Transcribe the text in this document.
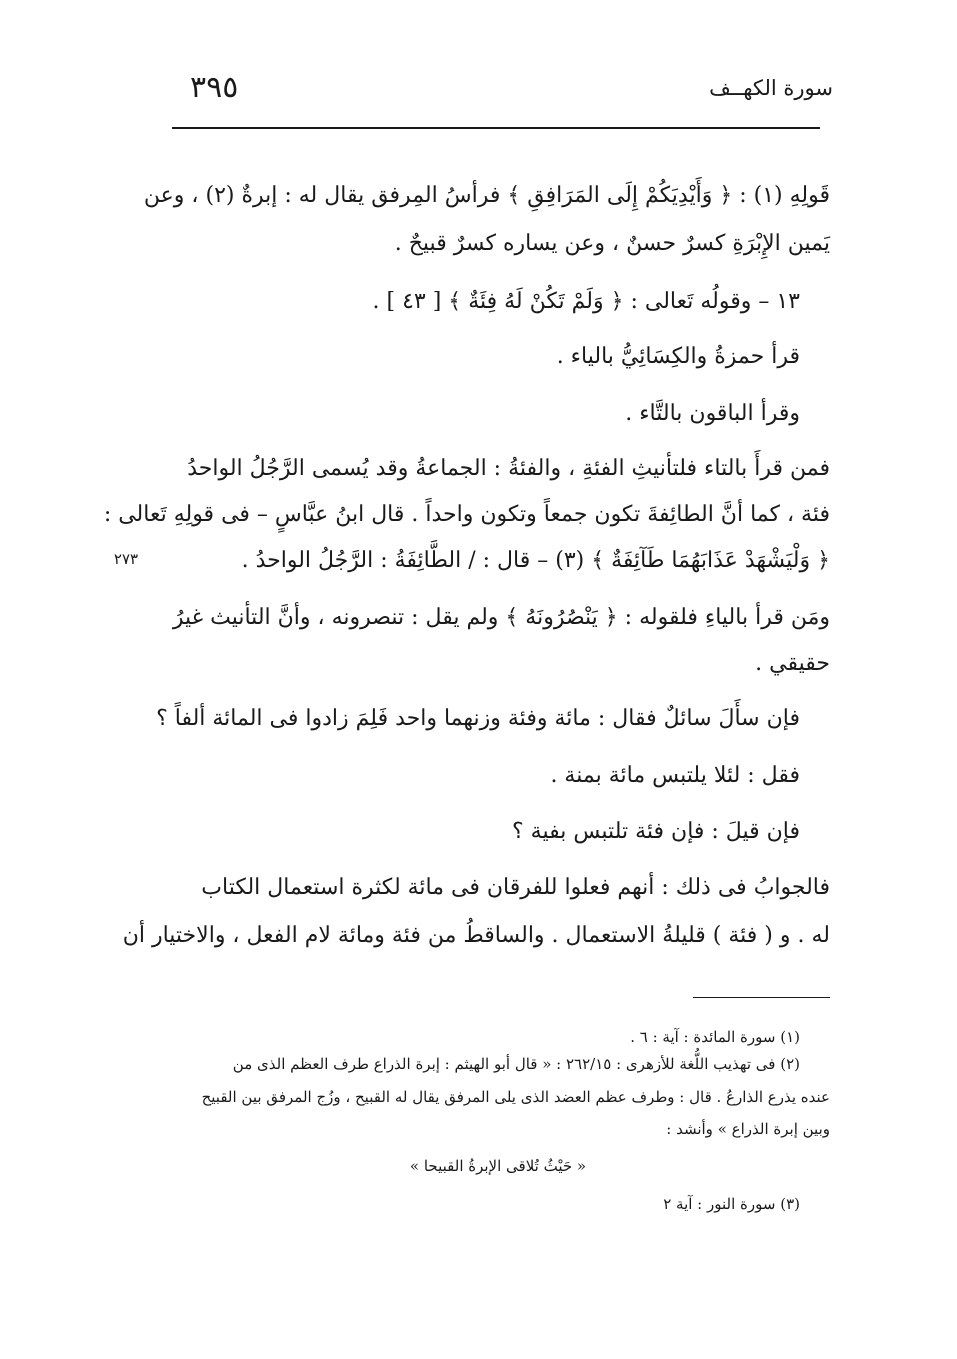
سورة الكهــف
٣٩٥
قَولِهِ (١) : ﴿ وَأَيْدِيَكُمْ إِلَى المَرَافِقِ ﴾ فرأسُ المِرفق يقال له : إبرةٌ (٢) ، وعن
يَمين الإِبْرَةِ كسرٌ حسنٌ ، وعن يساره كسرٌ قبيحٌ .
١٣ – وقولُه تَعالى : ﴿ وَلَمْ تَكُنْ لَهُ فِئَةٌ ﴾ [ ٤٣ ] .
قرأ حمزةُ والكِسَائِيُّ بالياء .
وقرأ الباقون بالتَّاء .
فمن قرأَ بالتاء فلتأنيثِ الفئةِ ، والفئةُ : الجماعةُ وقد يُسمى الرَّجُلُ الواحدُ
فئة ، كما أنَّ الطائِفةَ تكون جمعاً وتكون واحداً . قال ابنُ عبَّاسٍ – فى قولِهِ تَعالى :
﴿ وَلْيَشْهَدْ عَذَابَهُمَا طَآئِفَةٌ ﴾ (٣) – قال : / الطَّائِفَةُ : الرَّجُلُ الواحدُ .
ومَن قرأ بالياءِ فلقوله : ﴿ يَنْصُرُونَهُ ﴾ ولم يقل : تنصرونه ، وأنَّ التأنيث غيرُ
حقيقي .
فإن سأَلَ سائلٌ فقال : مائة وفئة وزنهما واحد فَلِمَ زادوا فى المائة ألفاً ؟
فقل : لئلا يلتبس مائة بمنة .
فإن قيلَ : فإن فئة تلتبس بفية ؟
فالجوابُ فى ذلك : أنهم فعلوا للفرقان فى مائة لكثرة استعمال الكتاب
له . و ( فئة ) قليلةُ الاستعمال . والساقطُ من فئة ومائة لام الفعل ، والاختيار أن
٢٧٣
(١) سورة المائدة : آية : ٦ .
(٢) فى تهذيب اللُّغة للأزهرى : ٢٦٢/١٥ : « قال أبو الهيثم : إبرة الذراع طرف العظم الذى من
عنده يذرع الذارعُ . قال : وطرف عظم العضد الذى يلى المرفق يقال له القبيح ، وزُج المرفق بين القبيح
وبين إبرة الذراع » وأنشد :
« حَيْثُ تُلاقى الإبرةُ القبيحا »
(٣) سورة النور : آية ٢
